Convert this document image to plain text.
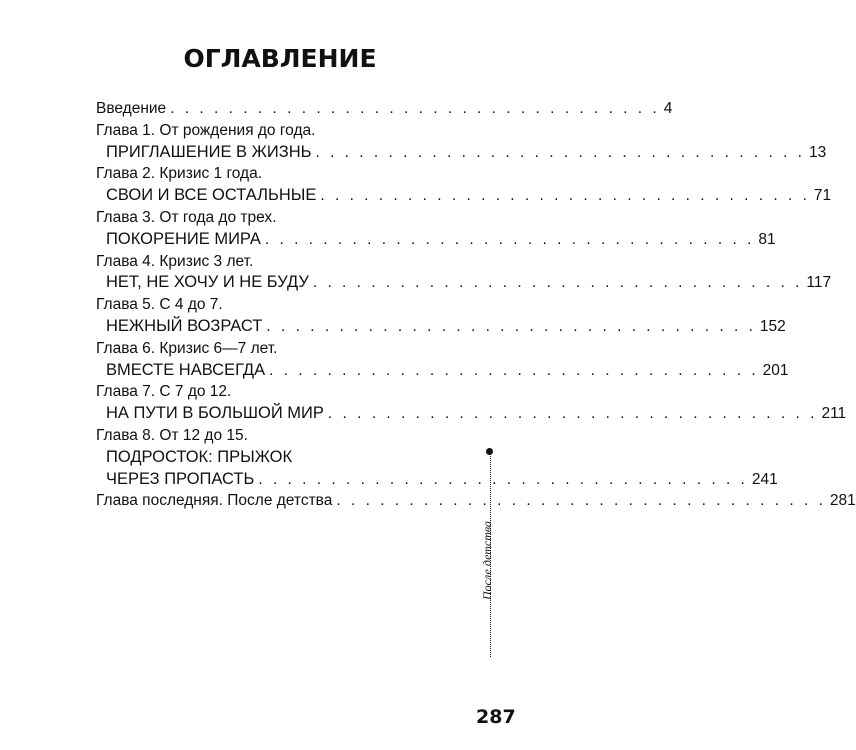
ОГЛАВЛЕНИЕ
Введение . . . . . . . . . . . . . . . . . . . . . . . . . . . . . . . . . . 4
Глава 1. От рождения до года.
ПРИГЛАШЕНИЕ В ЖИЗНЬ . . . . . . . . . . . . . . . . . . . . . . . . . . . . . . . . . . 13
Глава 2. Кризис 1 года.
СВОИ И ВСЕ ОСТАЛЬНЫЕ . . . . . . . . . . . . . . . . . . . . . . . . . . . . . . . . . . 71
Глава 3. От года до трех.
ПОКОРЕНИЕ МИРА . . . . . . . . . . . . . . . . . . . . . . . . . . . . . . . . . . 81
Глава 4. Кризис 3 лет.
НЕТ, НЕ ХОЧУ И НЕ БУДУ . . . . . . . . . . . . . . . . . . . . . . . . . . . . . . . . . . 117
Глава 5. С 4 до 7.
НЕЖНЫЙ ВОЗРАСТ . . . . . . . . . . . . . . . . . . . . . . . . . . . . . . . . . . 152
Глава 6. Кризис 6—7 лет.
ВМЕСТЕ НАВСЕГДА . . . . . . . . . . . . . . . . . . . . . . . . . . . . . . . . . . 201
Глава 7. С 7 до 12.
НА ПУТИ В БОЛЬШОЙ МИР . . . . . . . . . . . . . . . . . . . . . . . . . . . . . . . . . . 211
Глава 8. От 12 до 15.
ПОДРОСТОК: ПРЫЖОК
ЧЕРЕЗ ПРОПАСТЬ . . . . . . . . . . . . . . . . . . . . . . . . . . . . . . . . . . 241
Глава последняя. После детства . . . . . . . . . . . . . . . . . . . . . . . . . . . . . . . . . . 281
После детства
287
